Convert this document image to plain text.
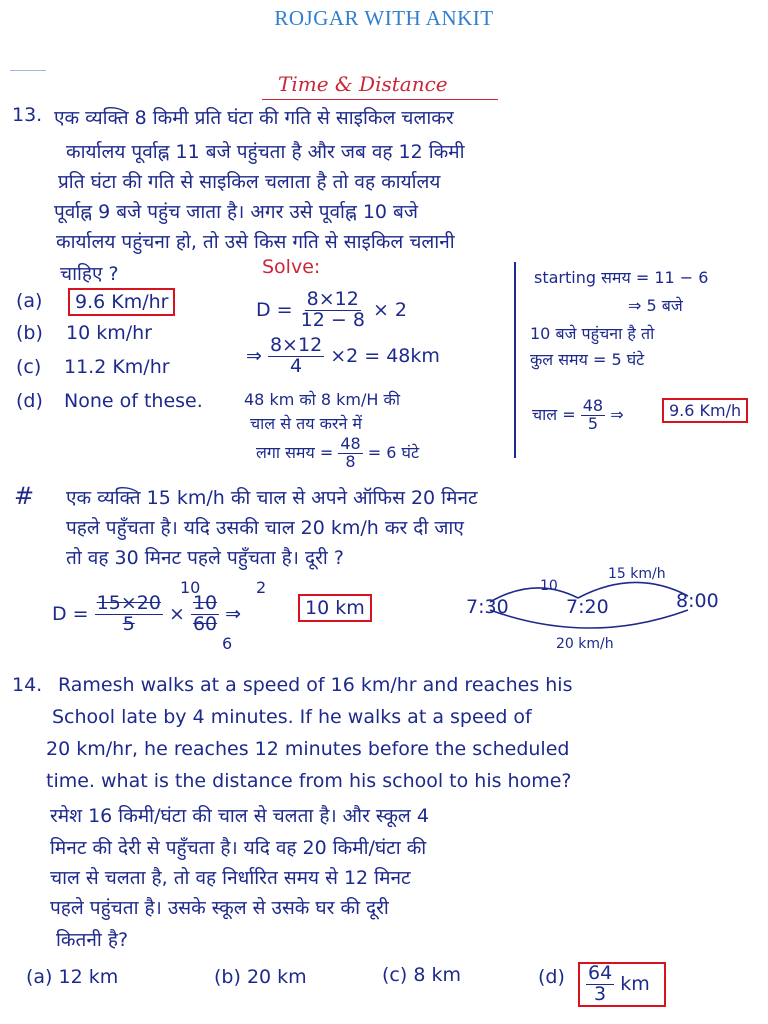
ROJGAR WITH ANKIT
Time & Distance
13. एक व्यक्ति 8 किमी प्रति घंटा की गति से साइकिल चलाकर
कार्यालय पूर्वाह्न 11 बजे पहुंचता है और जब वह 12 किमी
प्रति घंटा की गति से साइकिल चलाता है तो वह कार्यालय
पूर्वाह्न 9 बजे पहुंच जाता है। अगर उसे पूर्वाह्न 10 बजे
कार्यालय पहुंचना हो, तो उसे किस गति से साइकिल चलानी
चाहिए ?	Solve:
(a)	9.6 Km/hr
(b) 10 km/hr
(c) 11.2 Km/hr
(d) None of these.
$D = \frac{8\times 12}{12 - 8} \times 2$
⇒ $\frac{8\times 12}{4} \times 2 = 48km$
48 km को 8 km/H की
चाल से तय करने में
लगा समय = $\frac{48}{8} = 6$ घंटे
starting समय = 11 − 6
⇒ 5 बजे
10 बजे पहुंचना है तो
कुल समय = 5 घंटे
चाल = $\frac{48}{5}$ ⇒	9.6 Km/h
# एक व्यक्ति 15 km/h की चाल से अपने ऑफिस 20 मिनट
पहले पहुँचता है। यदि उसकी चाल 20 km/h कर दी जाए
तो वह 30 मिनट पहले पहुँचता है। दूरी ?
10	2
$D = \frac{15\times 20}{5} \times \frac{10}{60}$ ⇒
6
10 km	7:30	7:20	8:00
15 km/h
10
20 km/h
14. Ramesh walks at a speed of 16 km/hr and reaches his
School late by 4 minutes. If he walks at a speed of
20 km/hr, he reaches 12 minutes before the scheduled
time. what is the distance from his school to his home?
रमेश 16 किमी/घंटा की चाल से चलता है। और स्कूल 4
मिनट की देरी से पहुँचता है। यदि वह 20 किमी/घंटा की
चाल से चलता है, तो वह निर्धारित समय से 12 मिनट
पहले पहुंचता है। उसके स्कूल से उसके घर की दूरी
कितनी है?
(a) 12 km	(b) 20 km	(c) 8 km	$(d) \frac{64}{3}$ km
